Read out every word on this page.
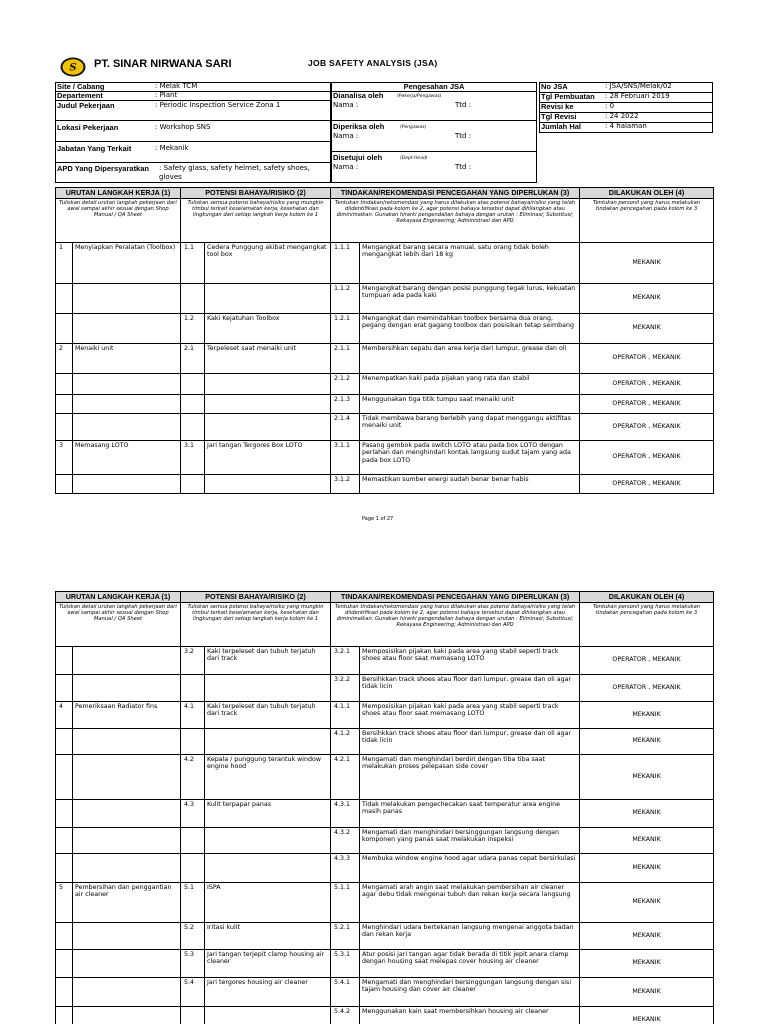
S PT. SINAR NIRWANA SARI	JOB SAFETY ANALYSIS (JSA)
Site / Cabang	: Melak TCM
Departement	: Plant
Judul Pekerjaan	: Periodic Inspection Service Zona 1
Lokasi Pekerjaan	: Workshop SNS
Jabatan Yang Terkait	: Mekanik
APD Yang Dipersyaratkan	: Safety glass, safety helmet, safety shoes, gloves
Pengesahan JSA
Dianalisa oleh	(Pekerja/Pengawas)
Nama :	Ttd :
Diperiksa oleh	(Pengawas)
Nama :	Ttd :
Disetujui oleh	(Dept Head)
Nama :	Ttd :
No JSA	: JSA/SNS/Melak/02
Tgl Pembuatan : 28 Februari 2019
Revisi ke	: 0
Tgl Revisi	: 24 2022
Jumlah Hal	: 4 halaman
URUTAN LANGKAH KERJA (1)		POTENSI BAHAYA/RISIKO (2)		TINDAKAN/REKOMENDASI PENCEGAHAN YANG DIPERLUKAN (3)		DILAKUKAN OLEH (4)
Tuliskan detail urutan langkah pekerjaan dari awal sampai akhir sesuai dengan Shop Manual / QA Sheet		Tuliskan semua potensi bahaya/risiko yang mungkin timbul terkait keselamatan kerja, kesehatan dan lingkungan dari setiap langkah kerja kolom ke 1		Tentukan tindakan/rekomendasi yang harus dilakukan atas potensi bahaya/risiko yang telah diidentifikasi pada kolom ke 2, agar potensi bahaya tersebut dapat dihilangkan atau diminimalkan. Gunakan hirarki pengendalian bahaya dengan urutan : Eliminasi; Substitusi; Rekayasa Engineering; Administrasi dan APD		Tentukan personil yang harus melakukan tindakan pencegahan pada kolom ke 3
1	Menyiapkan Peralatan (Toolbox)	1.1	Cedera Punggung akibat mengangkat tool box	1.1.1	Mengangkat barang secara manual, satu orang tidak boleh mengangkat lebih dari 18 kg	MEKANIK
				1.1.2	Mengangkat barang dengan posisi punggung tegak lurus, kekuatan tumpuan ada pada kaki	MEKANIK
		1.2	Kaki Kejatuhan Toolbox	1.2.1	Mengangkat dan memindahkan toolbox bersama dua orang, pegang dengan erat gagang toolbox dan posisikan tetap seimbang	MEKANIK
2	Menaiki unit	2.1	Terpeleset saat menaiki unit	2.1.1	Membersihkan sepatu dan area kerja dari lumpur, grease dan oli	OPERATOR , MEKANIK
				2.1.2	Menempatkan kaki pada pijakan yang rata dan stabil	OPERATOR , MEKANIK
				2.1.3	Menggunakan tiga titik tumpu saat menaiki unit	OPERATOR , MEKANIK
				2.1.4	Tidak membawa barang berlebih yang dapat menggangu aktifitas menaiki unit	OPERATOR , MEKANIK
3	Memasang LOTO	3.1	Jari tangan Tergores Box LOTO	3.1.1	Pasang gembok pada switch LOTO atau pada box LOTO dengan perlahan dan menghindari kontak langsung sudut tajam yang ada pada box LOTO	OPERATOR , MEKANIK
				3.1.2	Memastikan sumber energi sudah benar benar habis	OPERATOR , MEKANIK
Page 1 of 27
URUTAN LANGKAH KERJA (1)		POTENSI BAHAYA/RISIKO (2)		TINDAKAN/REKOMENDASI PENCEGAHAN YANG DIPERLUKAN (3)		DILAKUKAN OLEH (4)
Tuliskan detail urutan langkah pekerjaan dari awal sampai akhir sesuai dengan Shop Manual / QA Sheet		Tuliskan semua potensi bahaya/risiko yang mungkin timbul terkait keselamatan kerja, kesehatan dan lingkungan dari setiap langkah kerja kolom ke 1		Tentukan tindakan/rekomendasi yang harus dilakukan atas potensi bahaya/risiko yang telah diidentifikasi pada kolom ke 2, agar potensi bahaya tersebut dapat dihilangkan atau diminimalkan. Gunakan hirarki pengendalian bahaya dengan urutan : Eliminasi; Substitusi; Rekayasa Engineering; Administrasi dan APD		Tentukan personil yang harus melakukan tindakan pencegahan pada kolom ke 3
		3.2	Kaki terpeleset dan tubuh terjatuh dari track	3.2.1	Memposisikan pijakan kaki pada area yang stabil seperti track shoes atau floor saat memasang LOTO	OPERATOR , MEKANIK
				3.2.2	Bersihkkan track shoes atau floor dari lumpur, grease dan oli agar tidak licin	OPERATOR , MEKANIK
4	Pemeriksaan Radiator fins	4.1	Kaki terpeleset dan tubuh terjatuh dari track	4.1.1	Memposisikan pijakan kaki pada area yang stabil seperti track shoes atau floor saat memasang LOTO	MEKANIK
				4.1.2	Bersihkkan track shoes atau floor dari lumpur, grease dan oli agar tidak licin	MEKANIK
		4.2	Kepala / punggung terantuk window engine hood	4.2.1	Mengamati dan menghindari berdiri dengan tiba tiba saat melakukan proses pelepasan side cover	MEKANIK
		4.3	Kulit terpapar panas	4.3.1	Tidak melakukan pengechecakan saat temperatur area engine masih panas	MEKANIK
				4.3.2	Mengamati dan menghindari bersinggungan langsung dengan komponen yang panas saat melakukan inspeksi	MEKANIK
				4.3.3	Membuka window engine hood agar udara panas cepat bersirkulasi	MEKANIK
5	Pembersihan dan penggantian air cleaner	5.1	ISPA	5.1.1	Mengamati arah angin saat melakukan pembersihan air cleaner agar debu tidak mengenai tubuh dan rekan kerja secara langsung	MEKANIK
		5.2	Iritasi kulit	5.2.1	Menghindari udara bertekanan langsung mengenai anggota badan dan rekan kerja	MEKANIK
		5.3	Jari tangan terjepit clamp housing air cleaner	5.3.1	Atur posisi jari tangan agar tidak berada di titik jepit anara clamp dengan housing saat melepas cover housing air cleaner	MEKANIK
		5.4	Jari tergores housing air cleaner	5.4.1	Mengamati dan menghindari bersinggungan langsung dengan sisi tajam housing dan cover air cleaner	MEKANIK
				5.4.2	Menggunakan kain saat membersihkan housing air cleaner	MEKANIK
